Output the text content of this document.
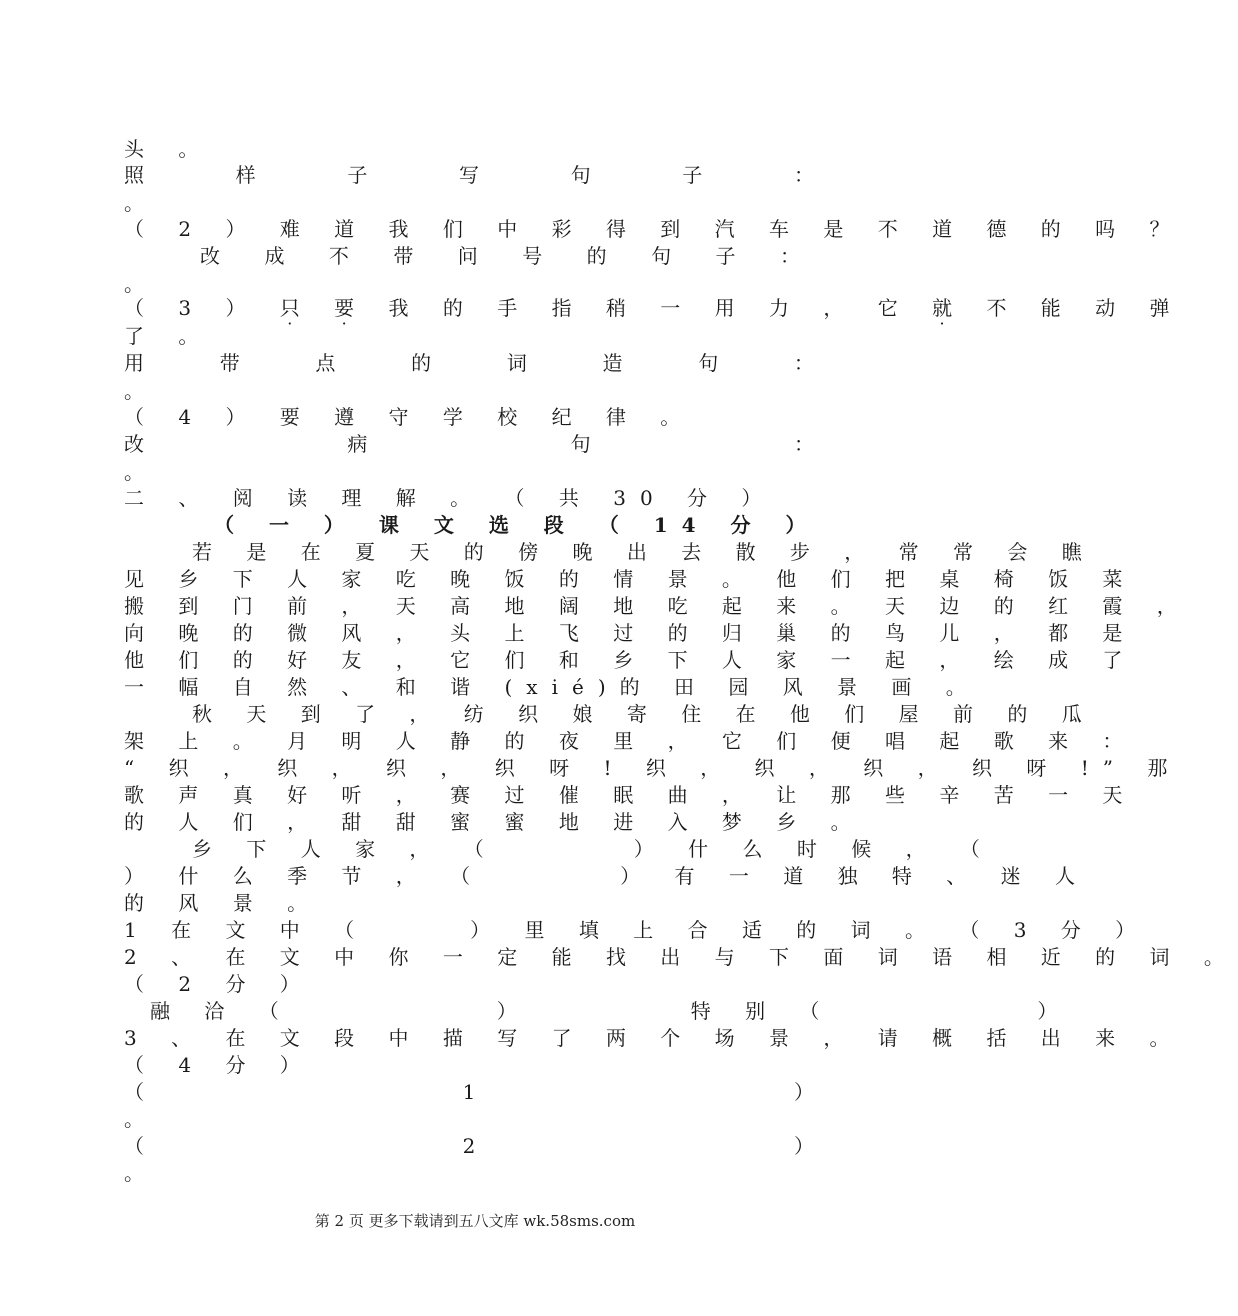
头 。
照	样	子	写	句	子	：
。
（ 2 ） 难 道 我 们 中 彩 得 到 汽 车 是 不 道 德 的 吗 ？
改 成 不 带 问 号 的 句 子 ：
。
（ 3 ） 只 要 我 的 手 指 稍 一 用 力 ， 它 就 不 能 动 弹
了 。
用	带	点	的	词	造	句	：
。
（ 4 ） 要 遵 守 学 校 纪 律 。
改	病	句	：
。
二 、 阅 读 理 解 。 （ 共 30 分 ）
（ 一 ） 课 文 选 段 （ 14 分 ）
　　若 是 在 夏 天 的 傍 晚 出 去 散 步 ， 常 常 会 瞧
见 乡 下 人 家 吃 晚 饭 的 情 景 。 他 们 把 桌 椅 饭 菜
搬 到 门 前 ， 天 高 地 阔 地 吃 起 来 。 天 边 的 红 霞 ，
向 晚 的 微 风 ， 头 上 飞 过 的 归 巢 的 鸟 儿 ， 都 是
他 们 的 好 友 ， 它 们 和 乡 下 人 家 一 起 ， 绘 成 了
一 幅 自 然 、 和 谐 (xié)的 田 园 风 景 画 。
　　秋 天 到 了 ， 纺 织 娘 寄 住 在 他 们 屋 前 的 瓜
架 上 。 月 明 人 静 的 夜 里 ， 它 们 便 唱 起 歌 来 ：
“ 织 ， 织 ， 织 ， 织 呀 ! 织 ， 织 ， 织 ， 织 呀 !” 那
歌 声 真 好 听 ， 赛 过 催 眠 曲 ， 让 那 些 辛 苦 一 天
的 人 们 ， 甜 甜 蜜 蜜 地 进 入 梦 乡 。
　　乡 下 人 家 ， （　　　　） 什 么 时 候 ， （
） 什 么 季 节 ， （　　　　） 有 一 道 独 特 、 迷 人
的 风 景 。
1 在 文 中 （　　　） 里 填 上 合 适 的 词 。 （ 3 分 ）
2 、 在 文 中 你 一 定 能 找 出 与 下 面 词 语 相 近 的 词 。
（ 2 分 ）
融 洽 （　　　　　　）　　　　　特 别 （　　　　　　）
3 、 在 文 段 中 描 写 了 两 个 场 景 ， 请 概 括 出 来 。
（ 4 分 ）
（	1	）
。
（	2	）
。
第 2 页 更多下载请到五八文库 wk.58sms.com
